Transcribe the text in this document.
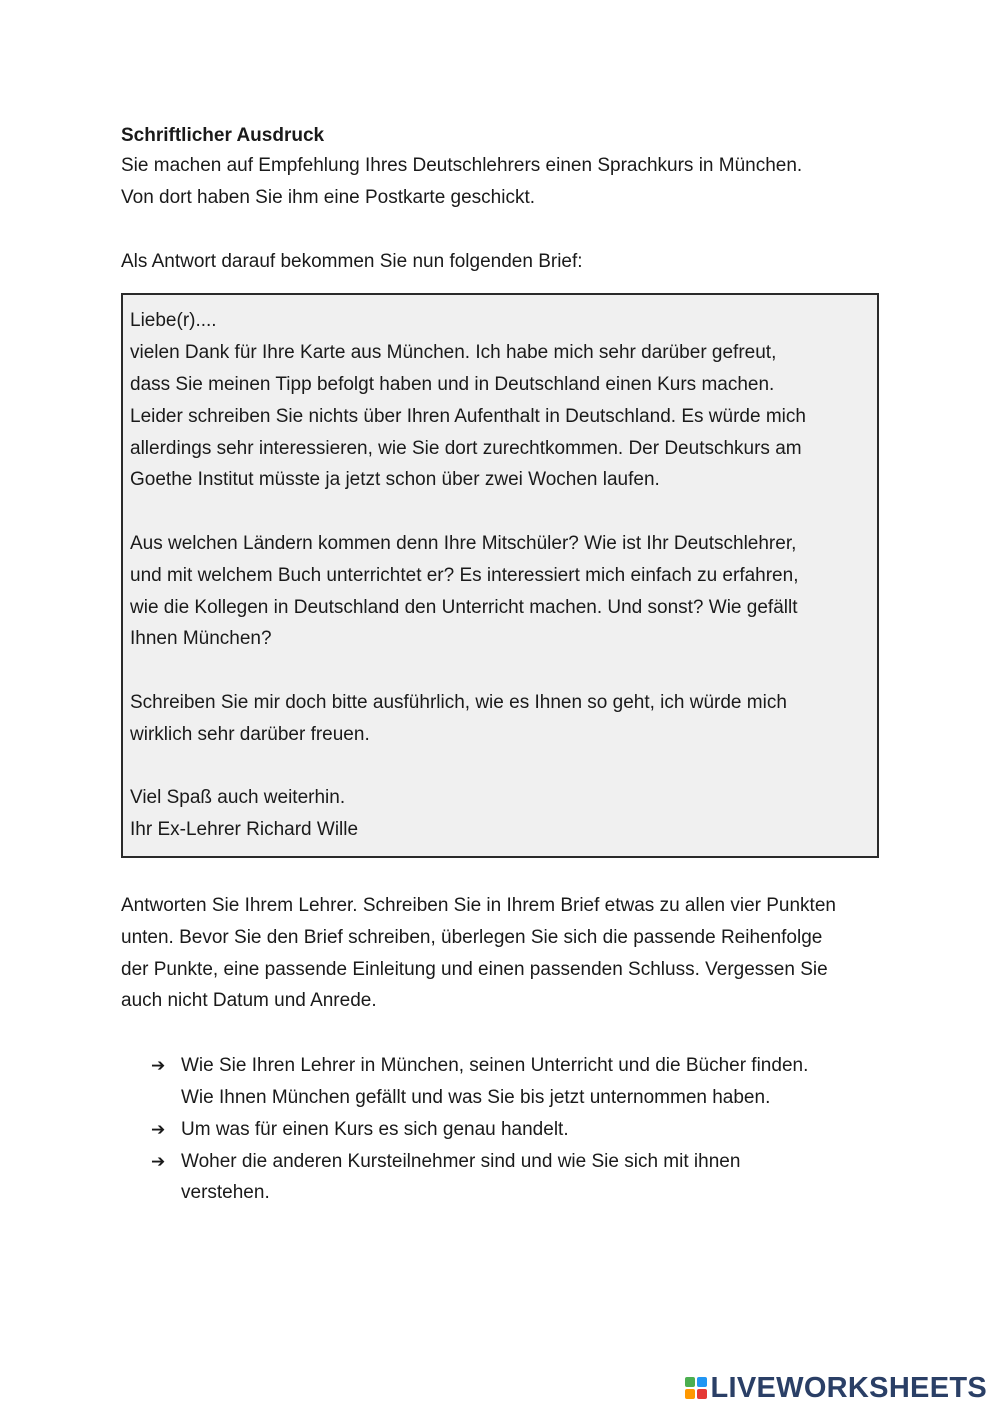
Schriftlicher Ausdruck

Sie machen auf Empfehlung Ihres Deutschlehrers einen Sprachkurs in München.
Von dort haben Sie ihm eine Postkarte geschickt.

Als Antwort darauf bekommen Sie nun folgenden Brief:

Liebe(r)....

vielen Dank für Ihre Karte aus München. Ich habe mich sehr darüber gefreut,
dass Sie meinen Tipp befolgt haben und in Deutschland einen Kurs machen.
Leider schreiben Sie nichts über Ihren Aufenthalt in Deutschland. Es würde mich
allerdings sehr interessieren, wie Sie dort zurechtkommen. Der Deutschkurs am
Goethe Institut müsste ja jetzt schon über zwei Wochen laufen.

Aus welchen Ländern kommen denn Ihre Mitschüler? Wie ist Ihr Deutschlehrer,
und mit welchem Buch unterrichtet er? Es interessiert mich einfach zu erfahren,
wie die Kollegen in Deutschland den Unterricht machen. Und sonst? Wie gefällt
Ihnen München?

Schreiben Sie mir doch bitte ausführlich, wie es Ihnen so geht, ich würde mich
wirklich sehr darüber freuen.

Viel Spaß auch weiterhin.

Ihr Ex-Lehrer Richard Wille

Antworten Sie Ihrem Lehrer. Schreiben Sie in Ihrem Brief etwas zu allen vier Punkten
unten. Bevor Sie den Brief schreiben, überlegen Sie sich die passende Reihenfolge
der Punkte, eine passende Einleitung und einen passenden Schluss. Vergessen Sie
auch nicht Datum und Anrede.

➔ Wie Sie Ihren Lehrer in München, seinen Unterricht und die Bücher finden.
Wie Ihnen München gefällt und was Sie bis jetzt unternommen haben.
➔ Um was für einen Kurs es sich genau handelt.
➔ Woher die anderen Kursteilnehmer sind und wie Sie sich mit ihnen
verstehen.
LIVEWORKSHEETS
